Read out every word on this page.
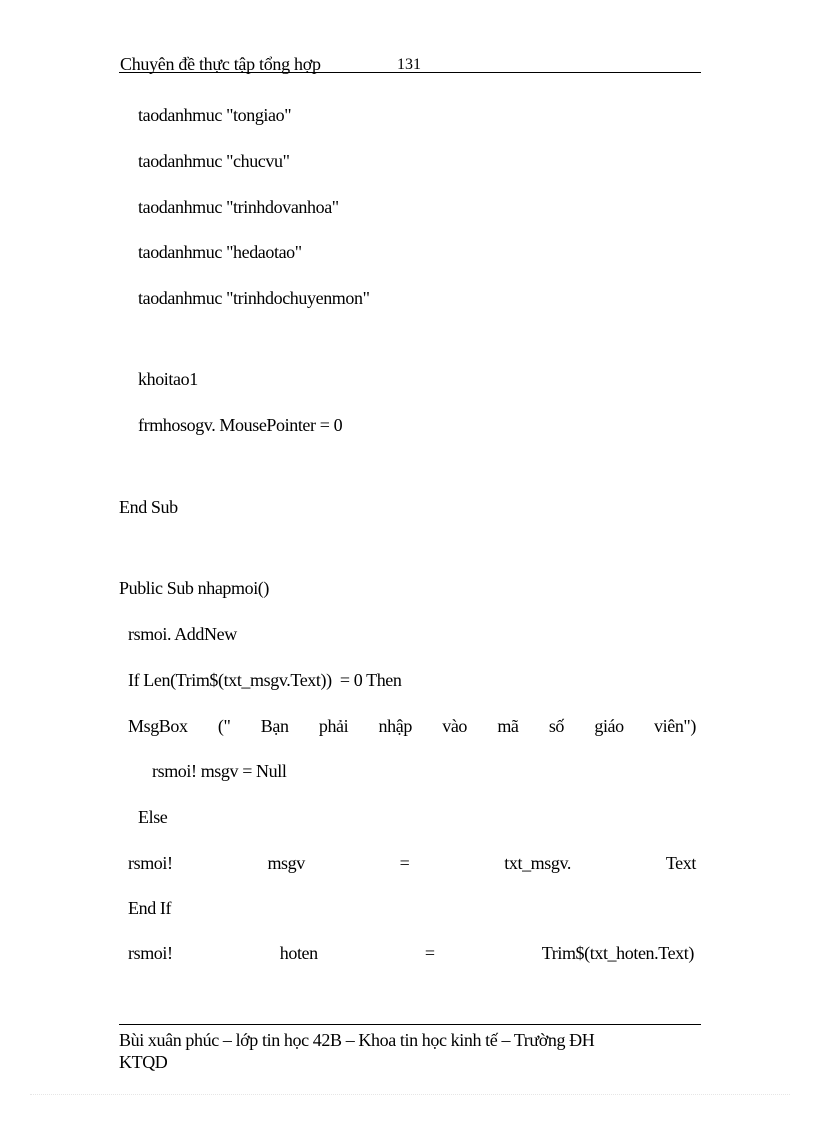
Chuyên đề thực tập tổng hợp	131
taodanhmuc "tongiao"
taodanhmuc "chucvu"
taodanhmuc "trinhdovanhoa"
taodanhmuc "hedaotao"
taodanhmuc "trinhdochuyenmon"
khoitao1
frmhosogv. MousePointer = 0
End Sub
Public Sub nhapmoi()
rsmoi. AddNew
If Len(Trim$(txt_msgv.Text))  = 0 Then
MsgBox (" Bạn phải nhập vào mã số giáo viên")
rsmoi! msgv = Null
Else
rsmoi!	msgv	=	txt_msgv.	Text
End If
rsmoi!	hoten	=	Trim$(txt_hoten.Text)
Bùi xuân phúc – lớp tin học 42B – Khoa tin học kinh tế – Trường ĐH
KTQD
